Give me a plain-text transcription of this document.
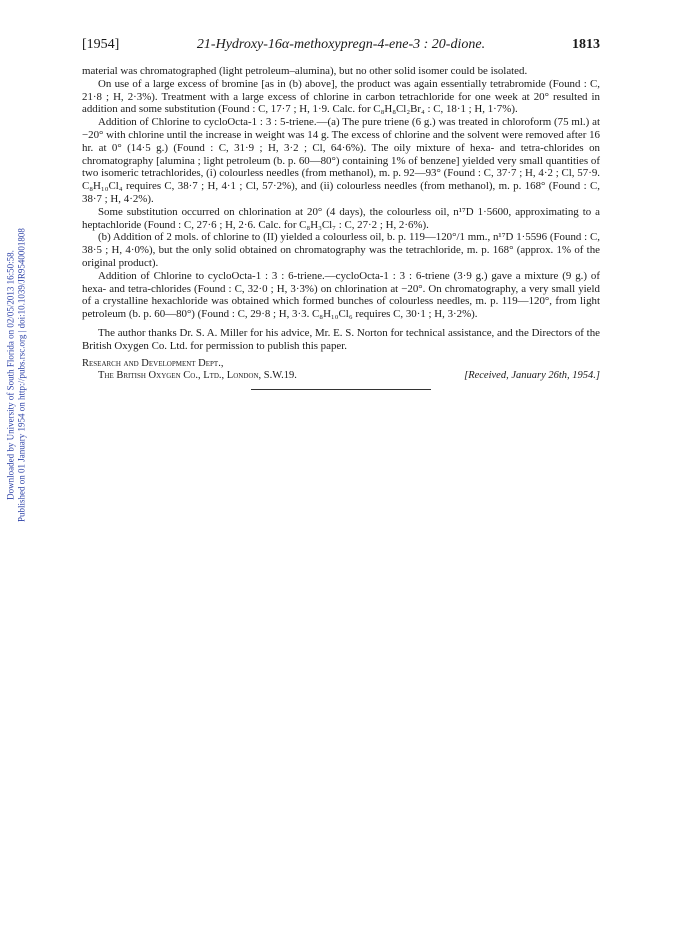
Downloaded by University of South Florida on 02/05/2013 16:50:58. Published on 01 January 1954 on http://pubs.rsc.org | doi:10.1039/JR9540001808
[1954]	21-Hydroxy-16α-methoxypregn-4-ene-3 : 20-dione.	1813

material was chromatographed (light petroleum–alumina), but no other solid isomer could be isolated.

On use of a large excess of bromine [as in (b) above], the product was again essentially tetrabromide (Found : C, 21·8 ; H, 2·3%). Treatment with a large excess of chlorine in carbon tetrachloride for one week at 20° resulted in addition and some substitution (Found : C, 17·7 ; H, 1·9. Calc. for C₈H₈Cl₂Br₄ : C, 18·1 ; H, 1·7%).

Addition of Chlorine to cycloOcta-1 : 3 : 5-triene.—(a) The pure triene (6 g.) was treated in chloroform (75 ml.) at −20° with chlorine until the increase in weight was 14 g. The excess of chlorine and the solvent were removed after 16 hr. at 0° (14·5 g.) (Found : C, 31·9 ; H, 3·2 ; Cl, 64·6%). The oily mixture of hexa- and tetra-chlorides on chromatography [alumina ; light petroleum (b. p. 60—80°) containing 1% of benzene] yielded very small quantities of two isomeric tetrachlorides, (i) colourless needles (from methanol), m. p. 92—93° (Found : C, 37·7 ; H, 4·2 ; Cl, 57·9. C₈H₁₀Cl₄ requires C, 38·7 ; H, 4·1 ; Cl, 57·2%), and (ii) colourless needles (from methanol), m. p. 168° (Found : C, 38·7 ; H, 4·2%).

Some substitution occurred on chlorination at 20° (4 days), the colourless oil, n¹⁷D 1·5600, approximating to a heptachloride (Found : C, 27·6 ; H, 2·6. Calc. for C₈H₃Cl₇ : C, 27·2 ; H, 2·6%).

(b) Addition of 2 mols. of chlorine to (II) yielded a colourless oil, b. p. 119—120°/1 mm., n¹⁷D 1·5596 (Found : C, 38·5 ; H, 4·0%), but the only solid obtained on chromatography was the tetrachloride, m. p. 168° (approx. 1% of the original product).

Addition of Chlorine to cycloOcta-1 : 3 : 6-triene.—cycloOcta-1 : 3 : 6-triene (3·9 g.) gave a mixture (9 g.) of hexa- and tetra-chlorides (Found : C, 32·0 ; H, 3·3%) on chlorination at −20°. On chromatography, a very small yield of a crystalline hexachloride was obtained which formed bunches of colourless needles, m. p. 119—120°, from light petroleum (b. p. 60—80°) (Found : C, 29·8 ; H, 3·3. C₈H₁₀Cl₆ requires C, 30·1 ; H, 3·2%).

The author thanks Dr. S. A. Miller for his advice, Mr. E. S. Norton for technical assistance, and the Directors of the British Oxygen Co. Ltd. for permission to publish this paper.

Research and Development Dept.,

The British Oxygen Co., Ltd., London, S.W.19.	[Received, January 26th, 1954.]
